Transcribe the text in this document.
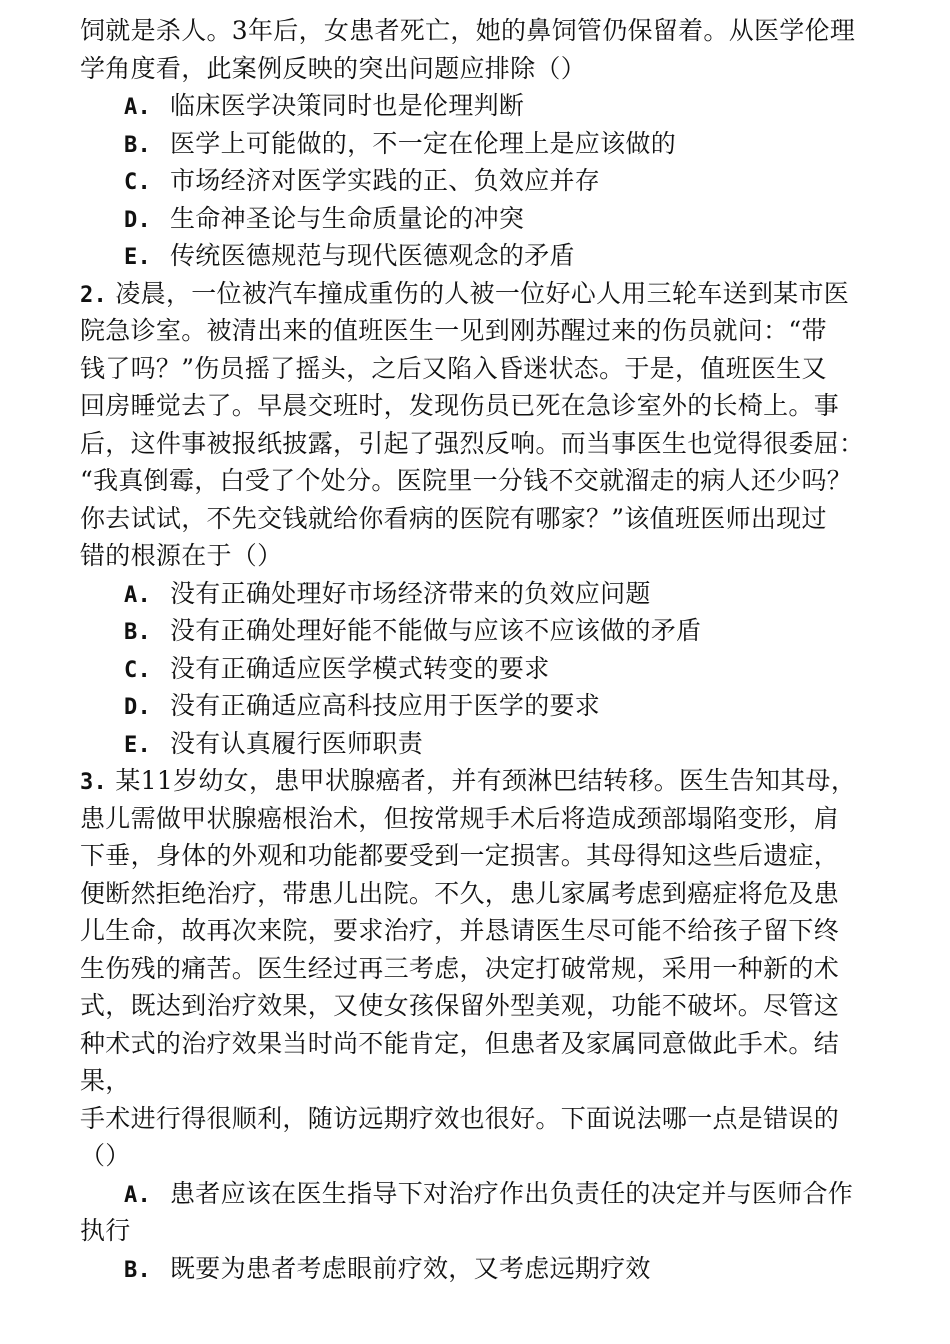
饲就是杀人。3年后，女患者死亡，她的鼻饲管仍保留着。从医学伦理
学角度看，此案例反映的突出问题应排除（）
A. 临床医学决策同时也是伦理判断
B. 医学上可能做的，不一定在伦理上是应该做的
C. 市场经济对医学实践的正、负效应并存
D. 生命神圣论与生命质量论的冲突
E. 传统医德规范与现代医德观念的矛盾
2. 凌晨，一位被汽车撞成重伤的人被一位好心人用三轮车送到某市医
院急诊室。被清出来的值班医生一见到刚苏醒过来的伤员就问：“带
钱了吗？”伤员摇了摇头，之后又陷入昏迷状态。于是，值班医生又
回房睡觉去了。早晨交班时，发现伤员已死在急诊室外的长椅上。事
后，这件事被报纸披露，引起了强烈反响。而当事医生也觉得很委屈：
“我真倒霉，白受了个处分。医院里一分钱不交就溜走的病人还少吗？
你去试试，不先交钱就给你看病的医院有哪家？”该值班医师出现过
错的根源在于（）
A. 没有正确处理好市场经济带来的负效应问题
B. 没有正确处理好能不能做与应该不应该做的矛盾
C. 没有正确适应医学模式转变的要求
D. 没有正确适应高科技应用于医学的要求
E. 没有认真履行医师职责
3. 某11岁幼女，患甲状腺癌者，并有颈淋巴结转移。医生告知其母，
患儿需做甲状腺癌根治术，但按常规手术后将造成颈部塌陷变形，肩
下垂，身体的外观和功能都要受到一定损害。其母得知这些后遗症，
便断然拒绝治疗，带患儿出院。不久，患儿家属考虑到癌症将危及患
儿生命，故再次来院，要求治疗，并恳请医生尽可能不给孩子留下终
生伤残的痛苦。医生经过再三考虑，决定打破常规，采用一种新的术
式，既达到治疗效果，又使女孩保留外型美观，功能不破坏。尽管这
种术式的治疗效果当时尚不能肯定，但患者及家属同意做此手术。结
果，
手术进行得很顺利，随访远期疗效也很好。下面说法哪一点是错误的
（）
A. 患者应该在医生指导下对治疗作出负责任的决定并与医师合作
执行
B. 既要为患者考虑眼前疗效，又考虑远期疗效
